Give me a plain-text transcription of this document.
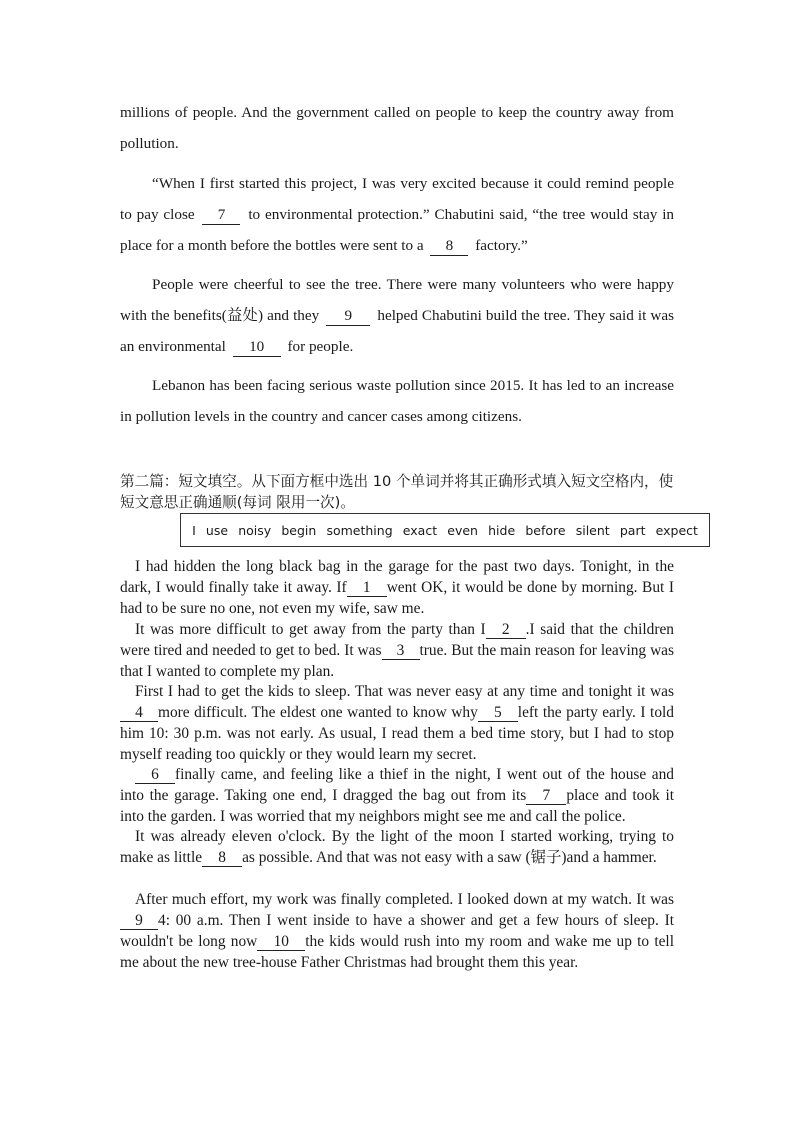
millions of people. And the government called on people to keep the country away from pollution.
“When I first started this project, I was very excited because it could remind people to pay close 7 to environmental protection.” Chabutini said, “the tree would stay in place for a month before the bottles were sent to a 8 factory.”
People were cheerful to see the tree. There were many volunteers who were happy with the benefits(益处) and they 9 helped Chabutini build the tree. They said it was an environmental 10 for people.
Lebanon has been facing serious waste pollution since 2015. It has led to an increase in pollution levels in the country and cancer cases among citizens.
第二篇：短文填空。从下面方框中选出 10 个单词并将其正确形式填入短文空格内，使短文意思正确通顺(每词 限用一次)。
I use noisy begin something exact even hide before silent part expect
I had hidden the long black bag in the garage for the past two days. Tonight, in the dark, I would finally take it away. If 1 went OK, it would be done by morning. But I had to be sure no one, not even my wife, saw me.
It was more difficult to get away from the party than I 2 .I said that the children were tired and needed to get to bed. It was 3 true. But the main reason for leaving was that I wanted to complete my plan.
First I had to get the kids to sleep. That was never easy at any time and tonight it was4 more difficult. The eldest one wanted to know why 5 left the party early. I told him 10: 30 p.m. was not early. As usual, I read them a bed time story, but I had to stop myself reading too quickly or they would learn my secret.
6 finally came, and feeling like a thief in the night, I went out of the house and into the garage. Taking one end, I dragged the bag out from its 7 place and took it into the garden. I was worried that my neighbors might see me and call the police.
It was already eleven o'clock. By the light of the moon I started working, trying to make as little 8 as possible. And that was not easy with a saw (锯子)and a hammer.
After much effort, my work was finally completed. I looked down at my watch. It was9 4: 00 a.m. Then I went inside to have a shower and get a few hours of sleep. It wouldn't be long now 10 the kids would rush into my room and wake me up to tell me about the new tree-house Father Christmas had brought them this year.
